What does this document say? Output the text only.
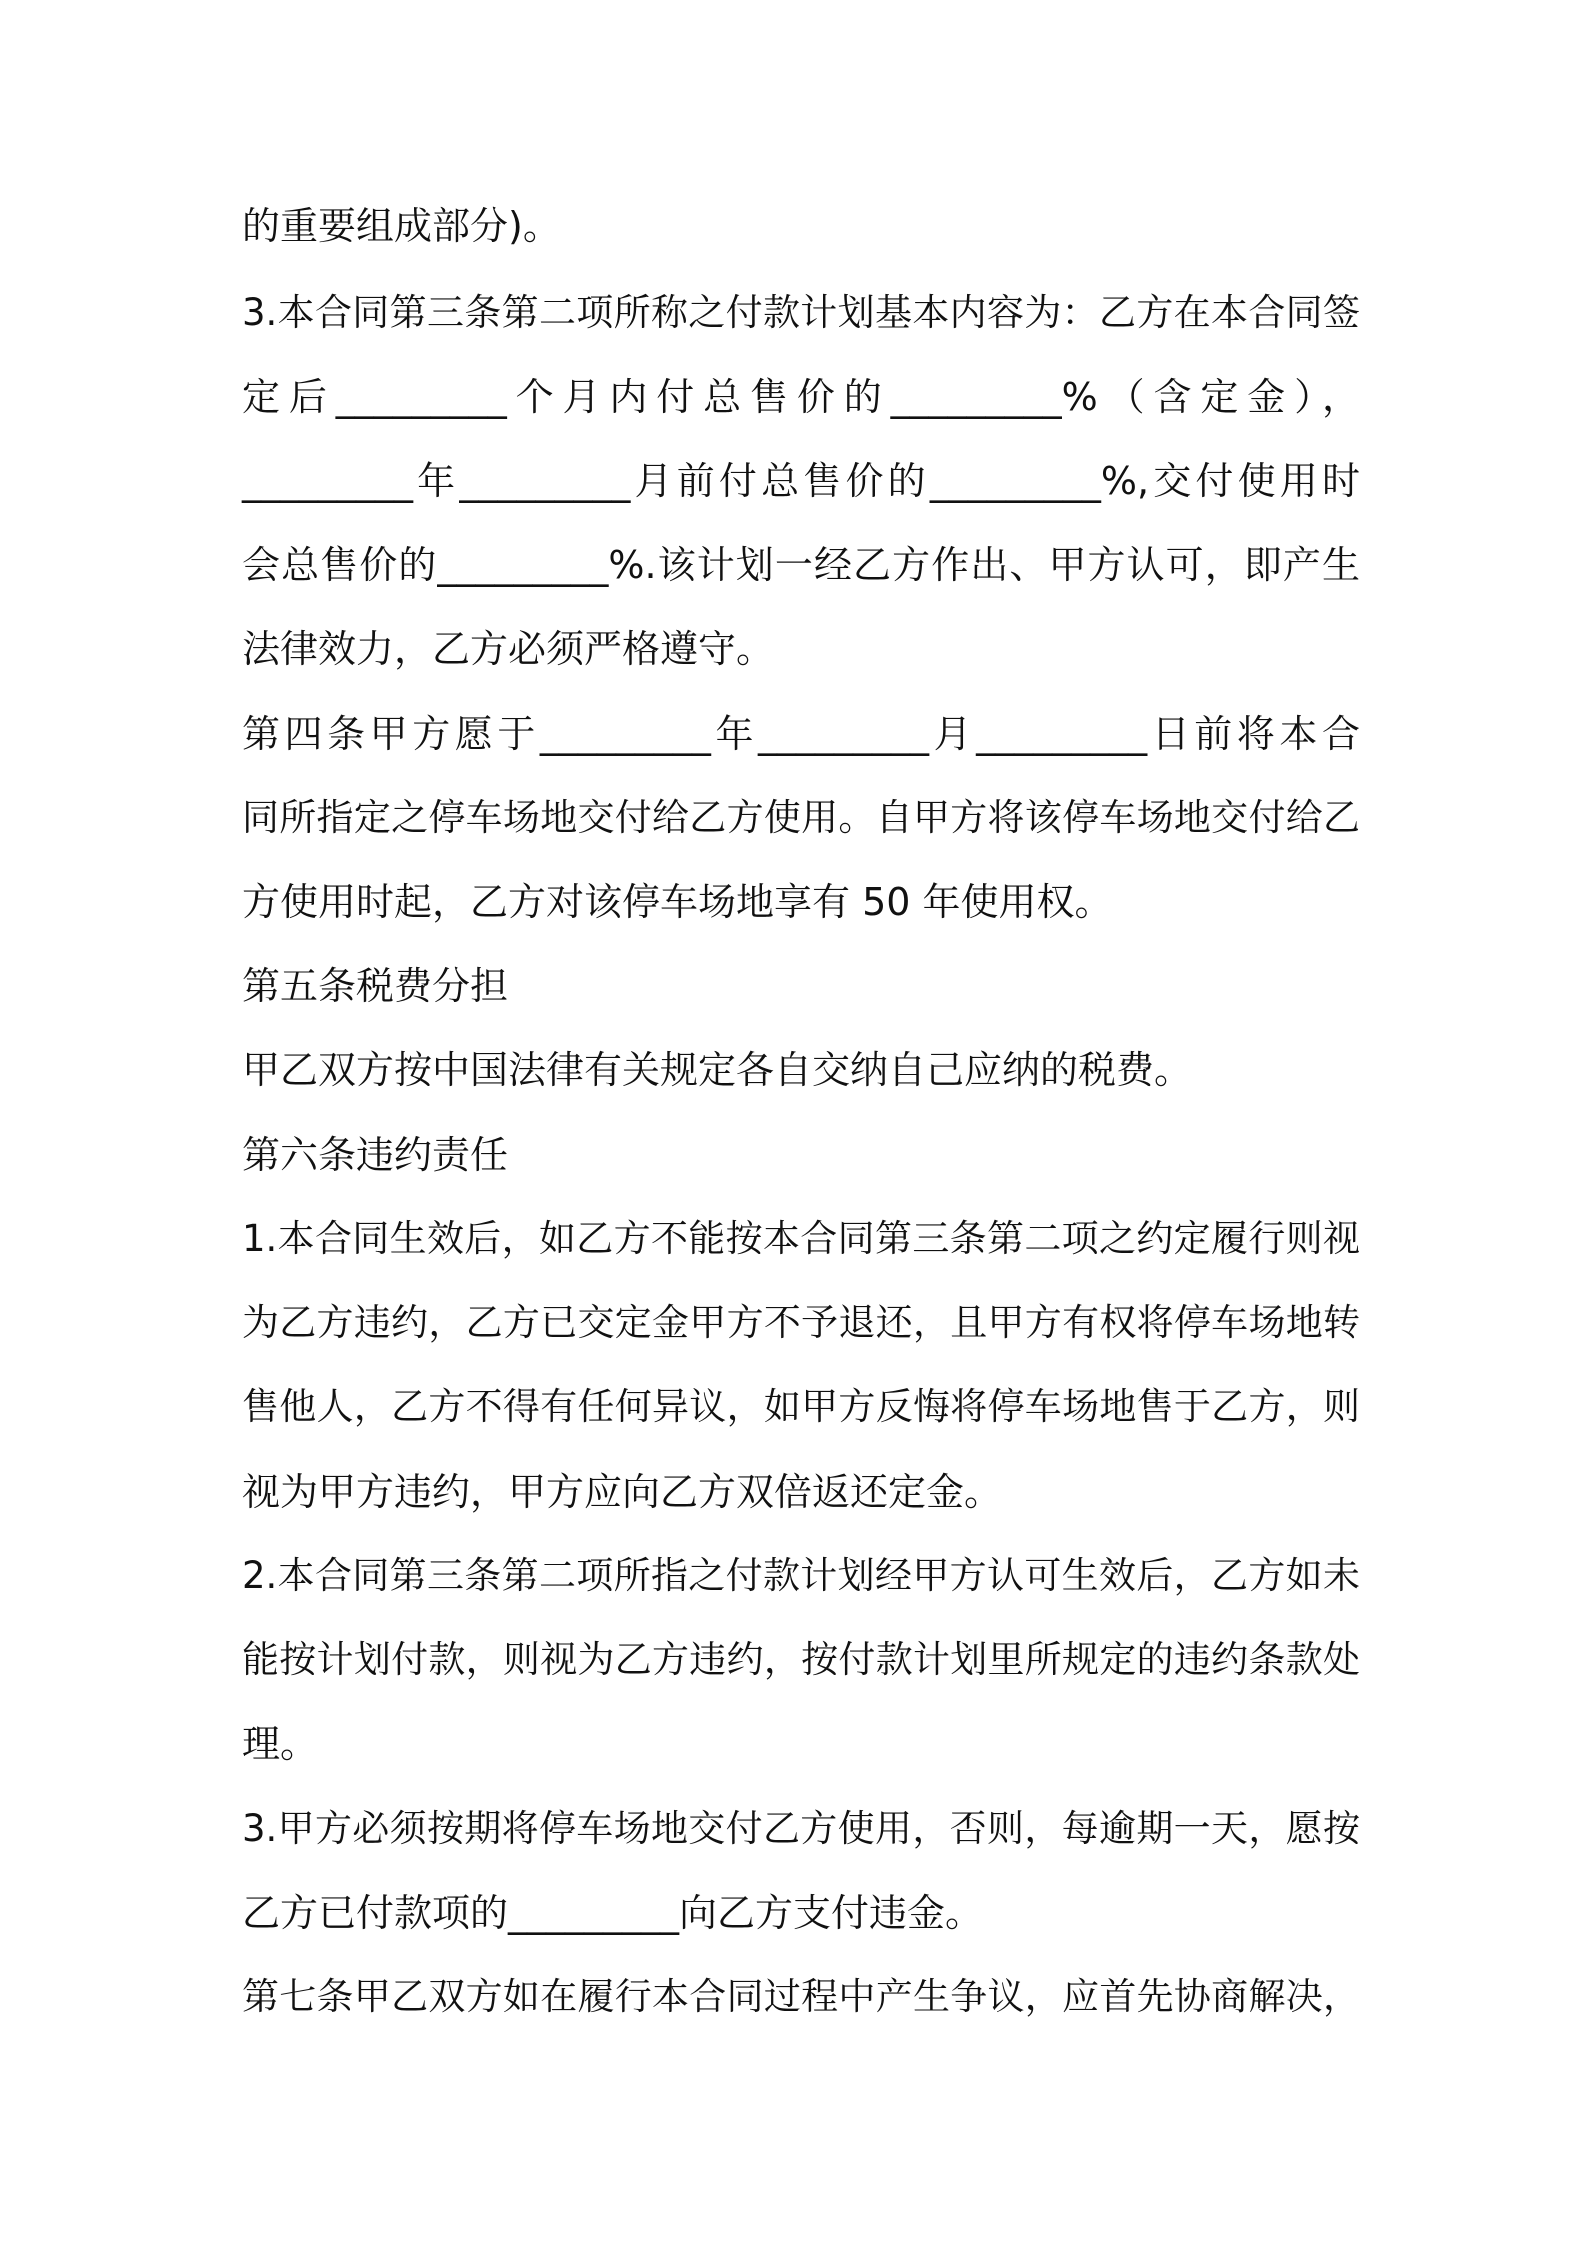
的重要组成部分)。
3.本合同第三条第二项所称之付款计划基本内容为：乙方在本合同签
定后_________个月内付总售价的_________%（含定金），
_________年_________月前付总售价的_________%,交付使用时
会总售价的_________%.该计划一经乙方作出、甲方认可，即产生
法律效力，乙方必须严格遵守。
第四条甲方愿于_________年_________月_________日前将本合
同所指定之停车场地交付给乙方使用。自甲方将该停车场地交付给乙
方使用时起，乙方对该停车场地享有 50 年使用权。
第五条税费分担
甲乙双方按中国法律有关规定各自交纳自己应纳的税费。
第六条违约责任
1.本合同生效后，如乙方不能按本合同第三条第二项之约定履行则视
为乙方违约，乙方已交定金甲方不予退还，且甲方有权将停车场地转
售他人，乙方不得有任何异议，如甲方反悔将停车场地售于乙方，则
视为甲方违约，甲方应向乙方双倍返还定金。
2.本合同第三条第二项所指之付款计划经甲方认可生效后，乙方如未
能按计划付款，则视为乙方违约，按付款计划里所规定的违约条款处
理。
3.甲方必须按期将停车场地交付乙方使用，否则，每逾期一天，愿按
乙方已付款项的_________向乙方支付违金。
第七条甲乙双方如在履行本合同过程中产生争议，应首先协商解决，
